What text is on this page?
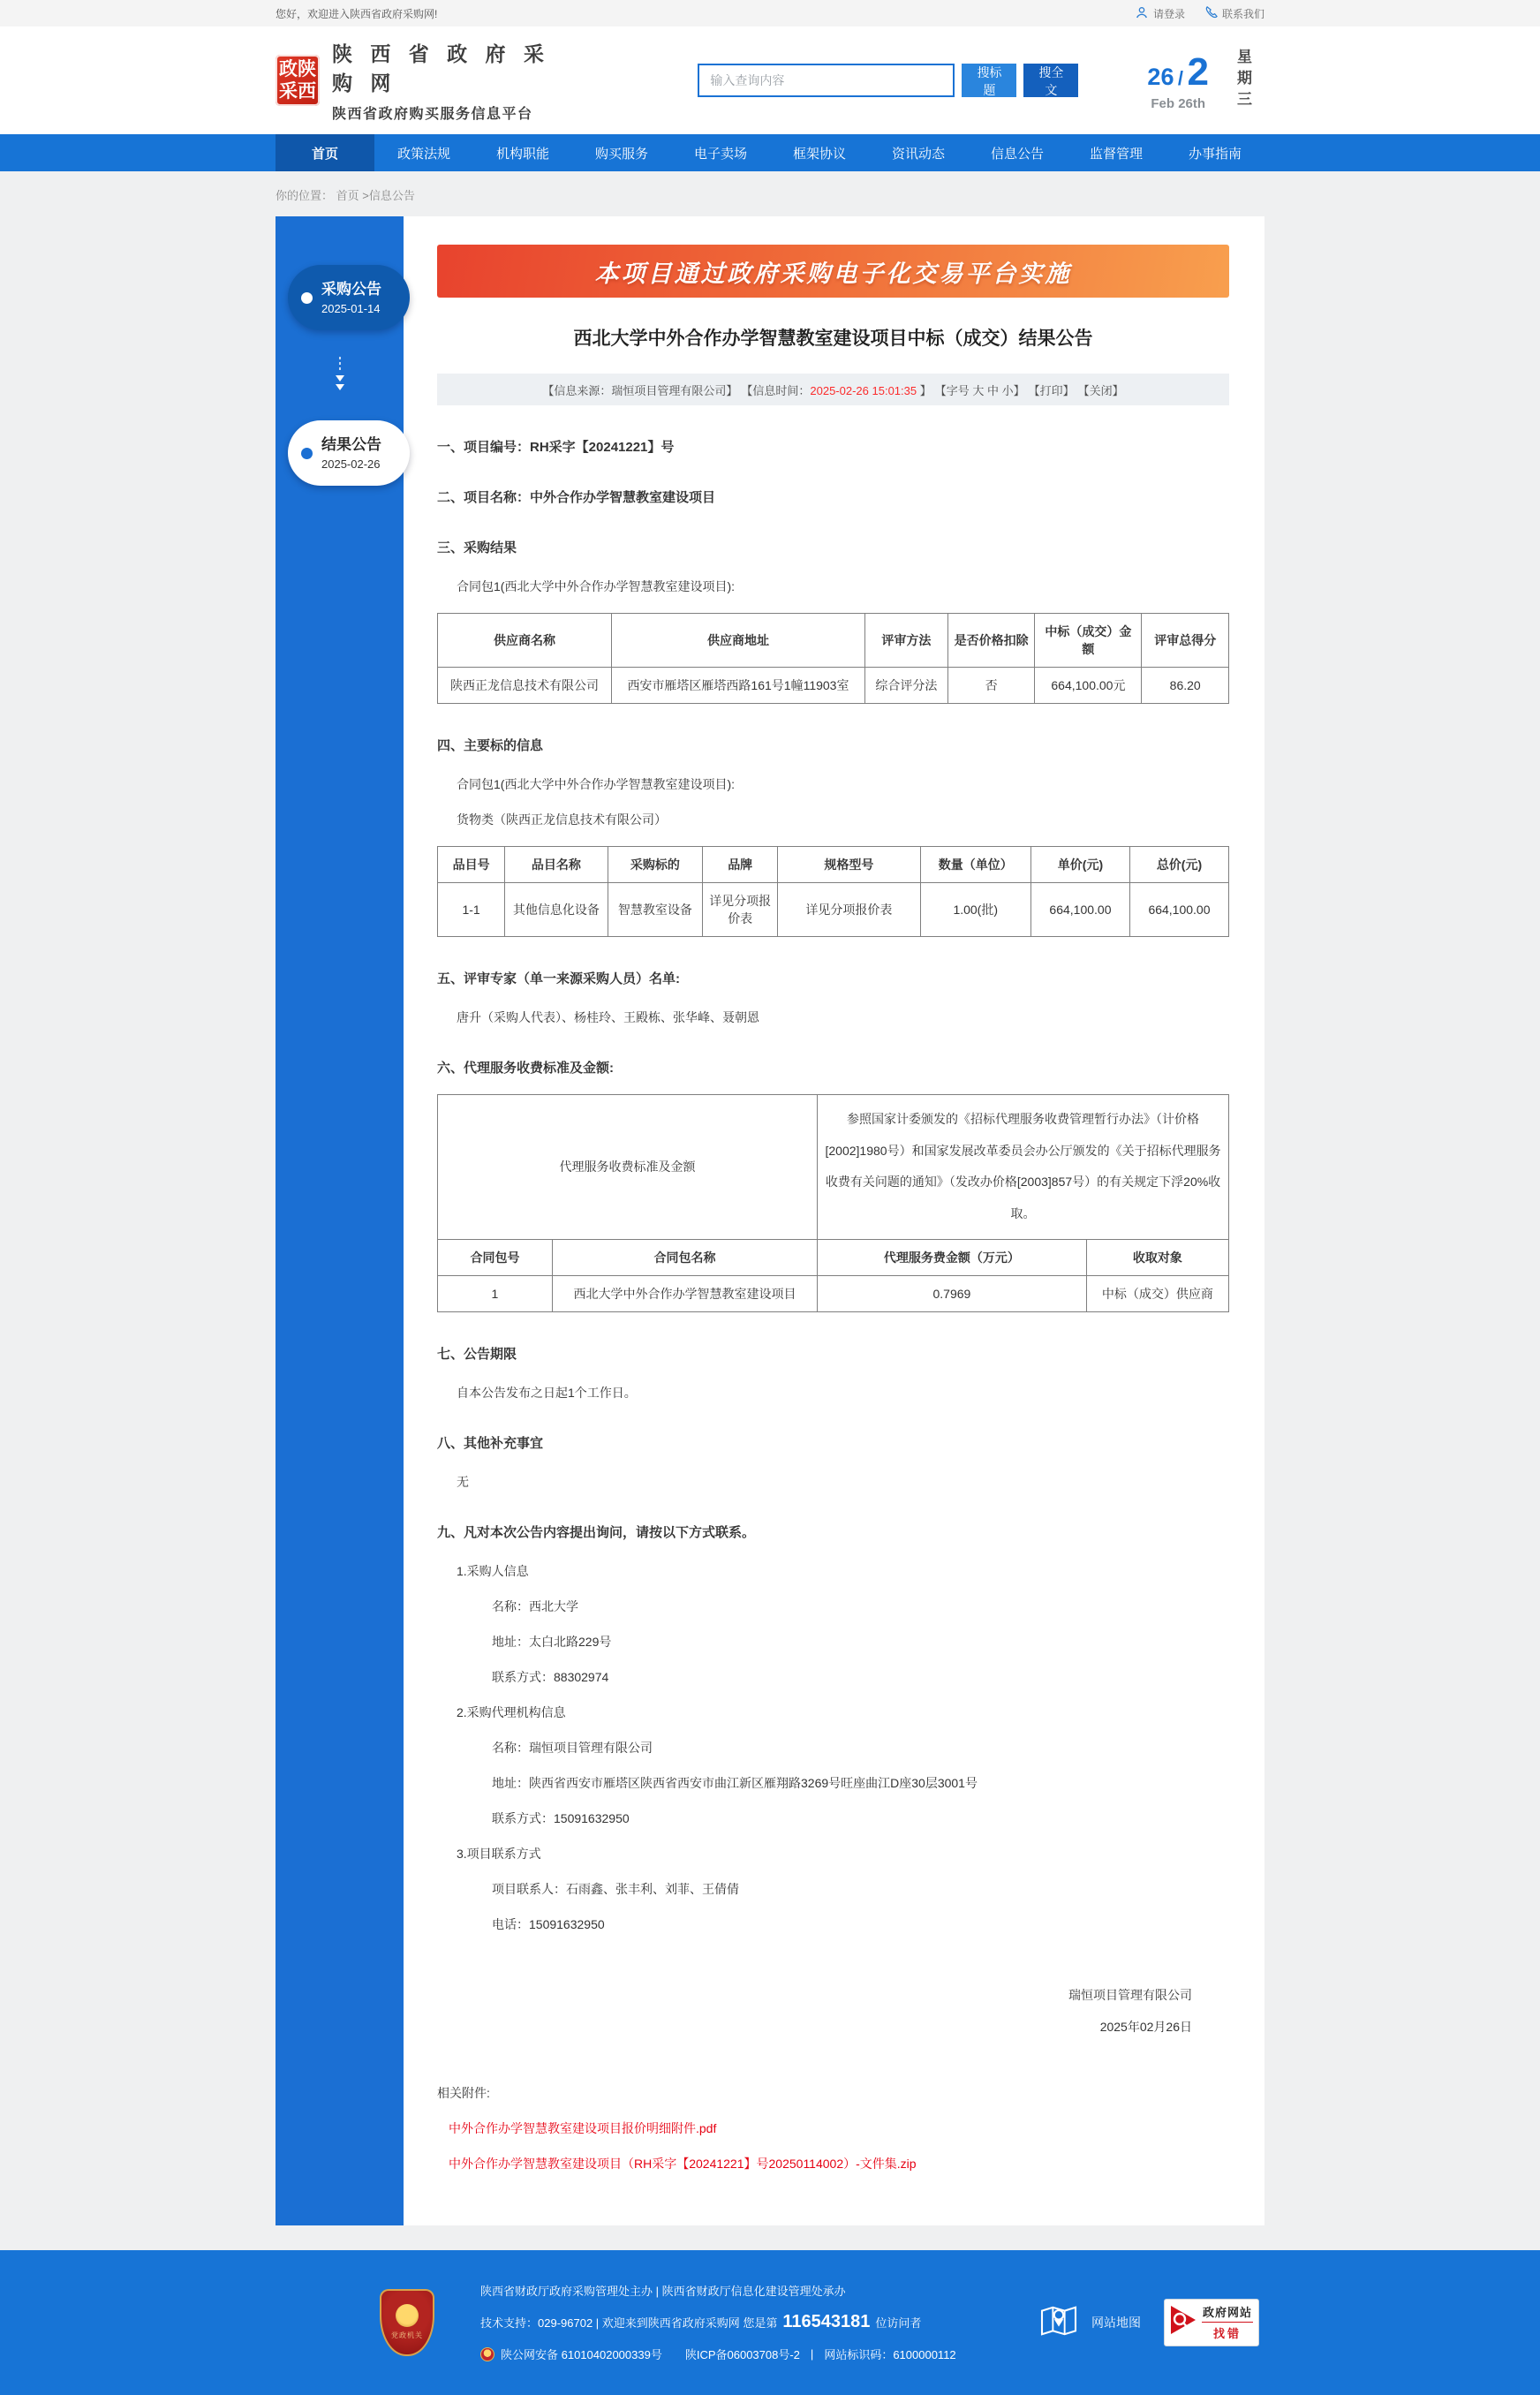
您好，欢迎进入陕西省政府采购网!	请登录	联系我们
政 陕
采 西
陕 西 省 政 府 采 购 网
陕西省政府购买服务信息平台
输入查询内容
搜标题
搜全文
26 / 2
Feb 26th 星期三
首页	政策法规	机构职能	购买服务	电子卖场	框架协议	资讯动态	信息公告	监督管理	办事指南
你的位置： 首页 >信息公告
采购公告
2025-01-14
结果公告
2025-02-26
本项目通过政府采购电子化交易平台实施
西北大学中外合作办学智慧教室建设项目中标（成交）结果公告
【信息来源：瑞恒项目管理有限公司】 【信息时间：2025-02-26 15:01:35 】 【字号 大 中 小】 【打印】 【关闭】
一、项目编号：RH采字【20241221】号
二、项目名称：中外合作办学智慧教室建设项目
三、采购结果
合同包1(西北大学中外合作办学智慧教室建设项目):
供应商名称	供应商地址	评审方法	是否价格扣除	中标（成交）金额	评审总得分
陕西正龙信息技术有限公司	西安市雁塔区雁塔西路161号1幢11903室	综合评分法	否	664,100.00元	86.20
四、主要标的信息
合同包1(西北大学中外合作办学智慧教室建设项目):
货物类（陕西正龙信息技术有限公司）
品目号	品目名称	采购标的	品牌	规格型号	数量（单位）	单价(元)	总价(元)
1-1	其他信息化设备	智慧教室设备	详见分项报价表	详见分项报价表	1.00(批)	664,100.00	664,100.00
五、评审专家（单一来源采购人员）名单:
唐升（采购人代表）、杨桂玲、王殿栋、张华峰、聂朝恩
六、代理服务收费标准及金额:
代理服务收费标准及金额		参照国家计委颁发的《招标代理服务收费管理暂行办法》（计价格[2002]1980号）和国家发展改革委员会办公厅颁发的《关于招标代理服务收费有关问题的通知》（发改办价格[2003]857号）的有关规定下浮20%收取。	
合同包号	合同包名称	代理服务费金额（万元）	收取对象
1	西北大学中外合作办学智慧教室建设项目	0.7969	中标（成交）供应商
七、公告期限
自本公告发布之日起1个工作日。
八、其他补充事宜
无
九、凡对本次公告内容提出询问，请按以下方式联系。
1.采购人信息
名称：西北大学
地址：太白北路229号
联系方式：88302974
2.采购代理机构信息
名称：瑞恒项目管理有限公司
地址：陕西省西安市雁塔区陕西省西安市曲江新区雁翔路3269号旺座曲江D座30层3001号
联系方式：15091632950
3.项目联系方式
项目联系人：石雨鑫、张丰利、刘菲、王倩倩
电话：15091632950
瑞恒项目管理有限公司
2025年02月26日
相关附件:
中外合作办学智慧教室建设项目报价明细附件.pdf
中外合作办学智慧教室建设项目（RH采字【20241221】号20250114002）-文件集.zip
党政机关
陕西省财政厅政府采购管理处主办 | 陕西省财政厅信息化建设管理处承办
技术支持：029-96702 | 欢迎来到陕西省政府采购网 您是第 116543181 位访问者
陕公网安备 61010402000339号 陕ICP备06003708号-2 | 网站标识码：6100000112
网站地图
政府网站
找错
